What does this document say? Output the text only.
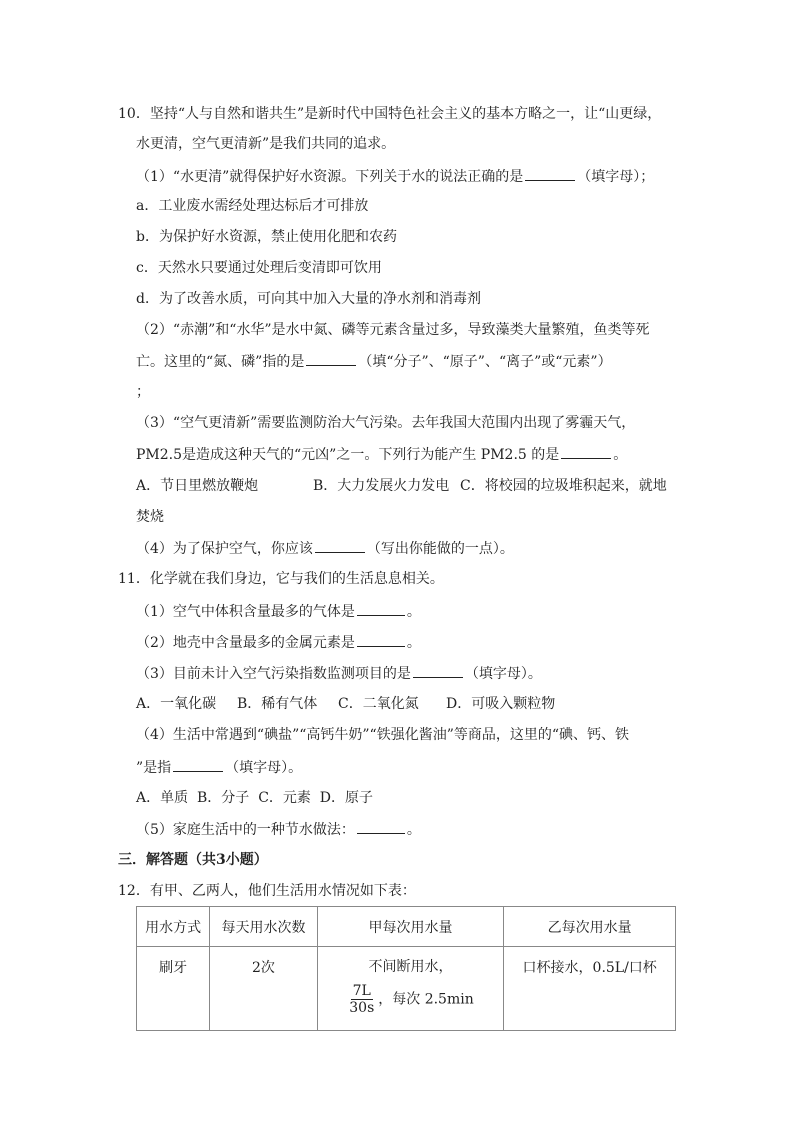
10．坚持“人与自然和谐共生”是新时代中国特色社会主义的基本方略之一，让“山更绿，
水更清，空气更清新”是我们共同的追求。
（1）“水更清”就得保护好水资源。下列关于水的说法正确的是	（填字母）；
a．工业废水需经处理达标后才可排放
b．为保护好水资源，禁止使用化肥和农药
c．天然水只要通过处理后变清即可饮用
d．为了改善水质，可向其中加入大量的净水剂和消毒剂
（2）“赤潮”和“水华”是水中氮、磷等元素含量过多，导致藻类大量繁殖，鱼类等死
亡。这里的“氮、磷”指的是	（填“分子”、“原子”、“离子”或“元素”）
；
（3）“空气更清新”需要监测防治大气污染。去年我国大范围内出现了雾霾天气，
PM2.5是造成这种天气的“元凶”之一。下列行为能产生 PM2.5 的是	。
A．节日里燃放鞭炮	B．大力发展火力发电 C．将校园的垃圾堆积起来，就地
焚烧
（4）为了保护空气，你应该	（写出你能做的一点）。
11．化学就在我们身边，它与我们的生活息息相关。
（1）空气中体积含量最多的气体是	。
（2）地壳中含量最多的金属元素是	。
（3）目前未计入空气污染指数监测项目的是	（填字母）。
A．一氧化碳 B．稀有气体 C．二氧化氮 D．可吸入颗粒物
（4）生活中常遇到“碘盐”“高钙牛奶”“铁强化酱油”等商品，这里的“碘、钙、铁
”是指	（填字母）。
A．单质  B．分子  C．元素  D．原子
（5）家庭生活中的一种节水做法：	。
三．解答题（共3小题）
12．有甲、乙两人，他们生活用水情况如下表：
用水方式	每天用水次数	甲每次用水量	乙每次用水量
刷牙	2次	不间断用水，
$\frac{7L}{30s}$ ，每次 2.5min	口杯接水，0.5L/口杯
